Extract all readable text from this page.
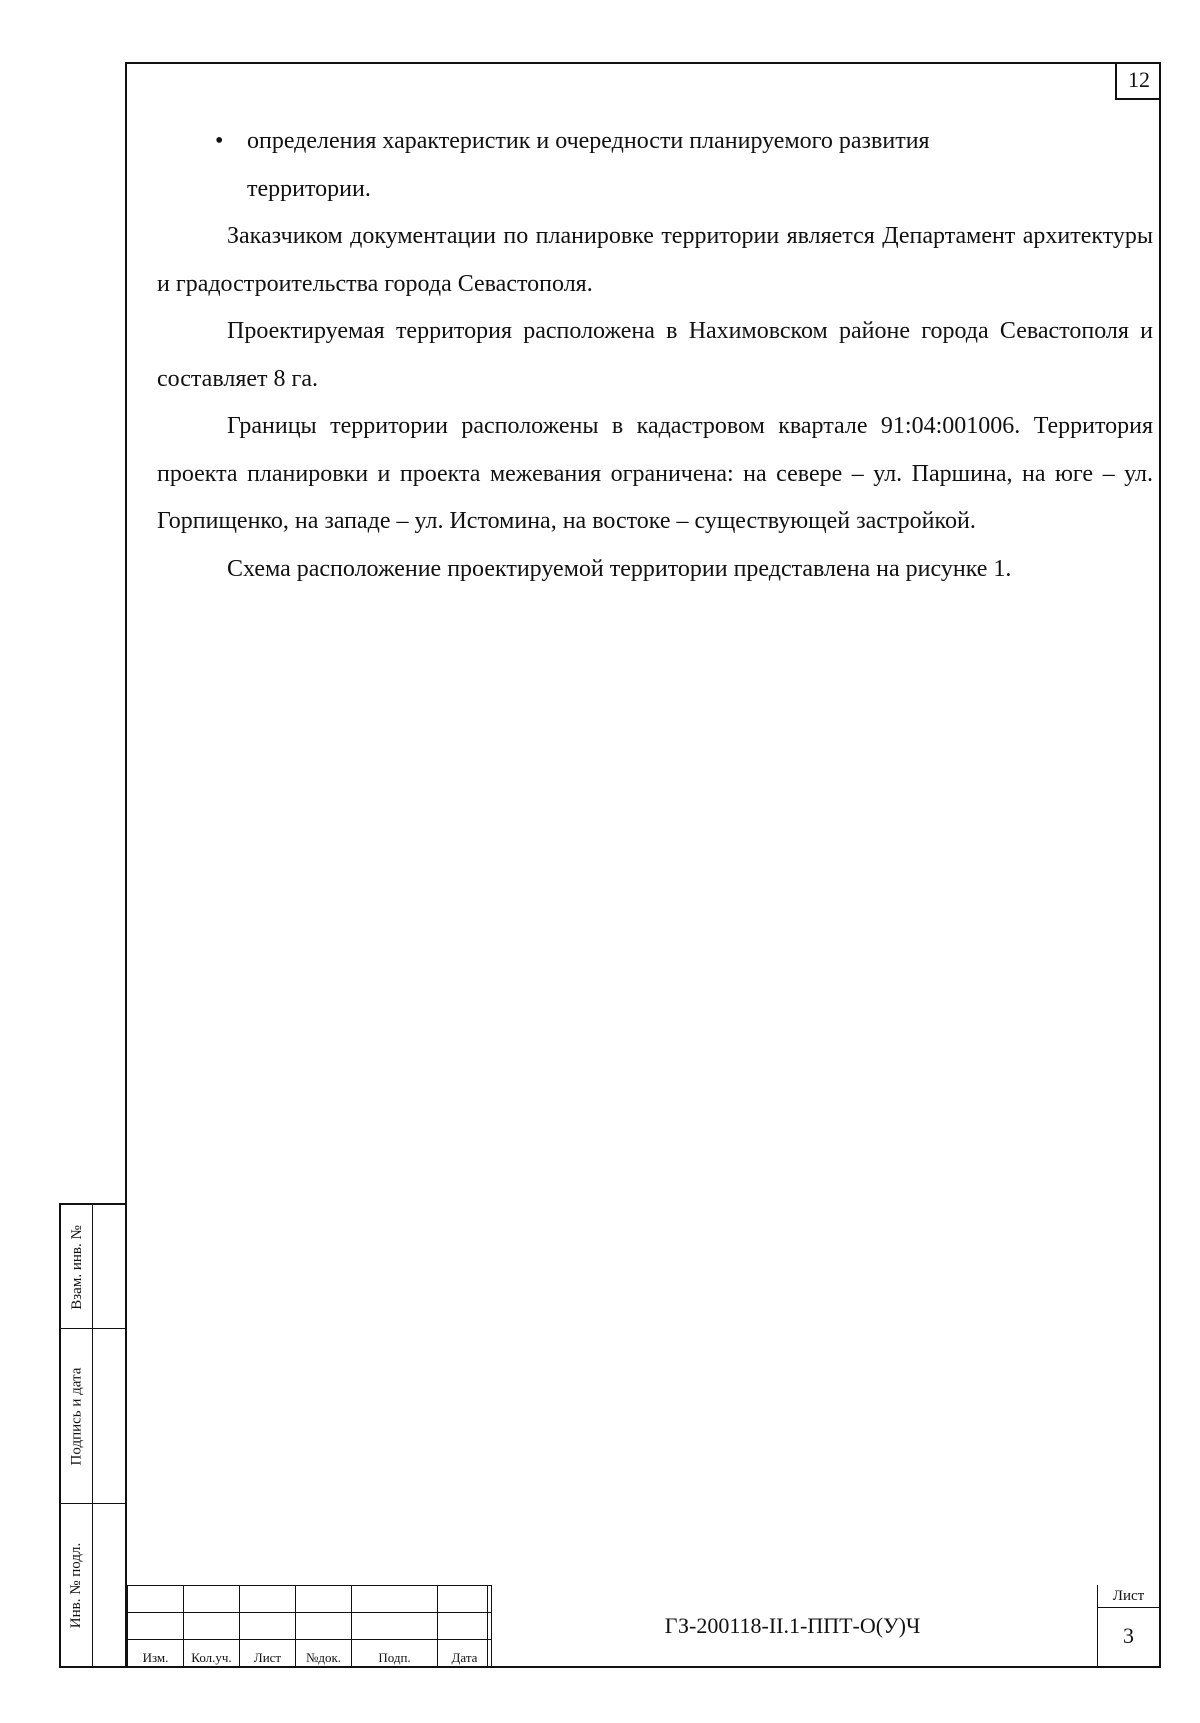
12
• определения характеристик и очередности планируемого развития
территории.

Заказчиком документации по планировке территории является Департамент архитектуры и градостроительства города Севастополя.

Проектируемая территория расположена в Нахимовском районе города Севастополя и составляет 8 га.

Границы территории расположены в кадастровом квартале 91:04:001006. Территория проекта планировки и проекта межевания ограничена: на севере – ул. Паршина, на юге – ул. Горпищенко, на западе – ул. Истомина, на востоке – существующей застройкой.

Схема расположение проектируемой территории представлена на рисунке 1.

Взам. инв. №
Подпись и дата
Инв. № подл.

Изм.	Кол.уч.	Лист	№док.	Подп.	Дата
ГЗ-200118-II.1-ППТ-О(У)Ч
Лист
3
